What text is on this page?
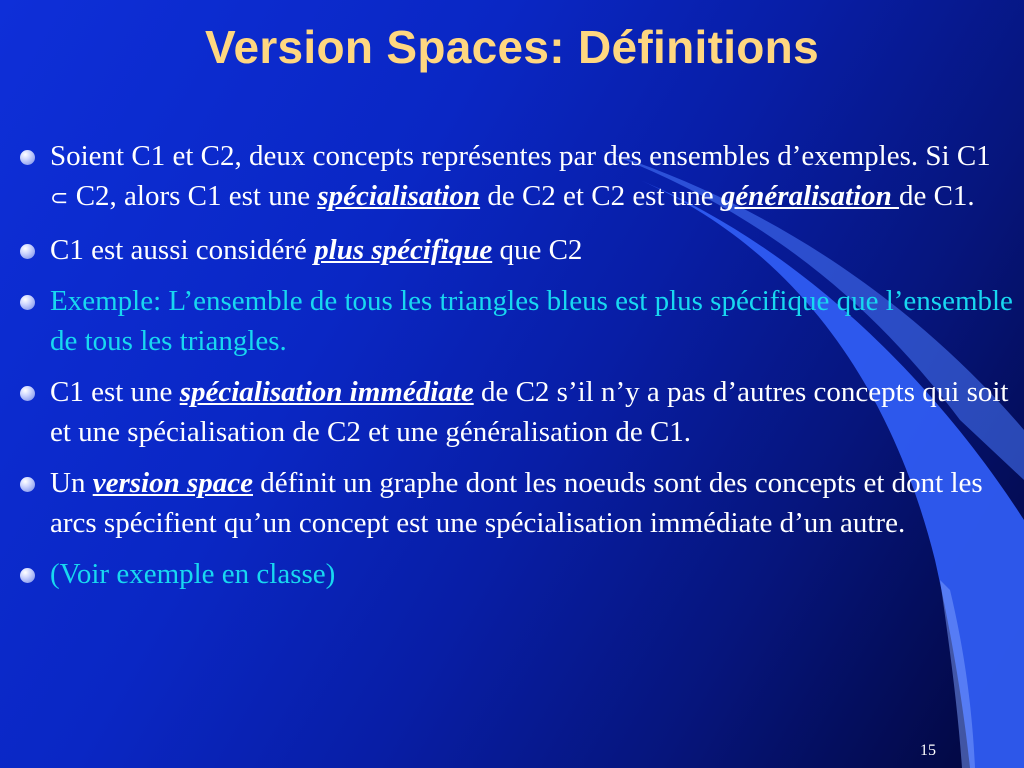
Version Spaces: Définitions
Soient C1 et C2, deux concepts représentes par des ensembles d’exemples. Si C1 ⊂ C2, alors C1 est une spécialisation de C2 et C2 est une généralisation de C1.
C1 est aussi considéré plus spécifique que C2
Exemple: L’ensemble de tous les triangles bleus est plus spécifique que l’ensemble de tous les triangles.
C1 est une spécialisation immédiate de C2 s’il n’y a pas d’autres concepts qui soit et une spécialisation de C2 et une généralisation de C1.
Un version space définit un graphe dont les noeuds sont des concepts et dont les arcs spécifient qu’un concept est une spécialisation immédiate d’un autre.
(Voir exemple en classe)
15
